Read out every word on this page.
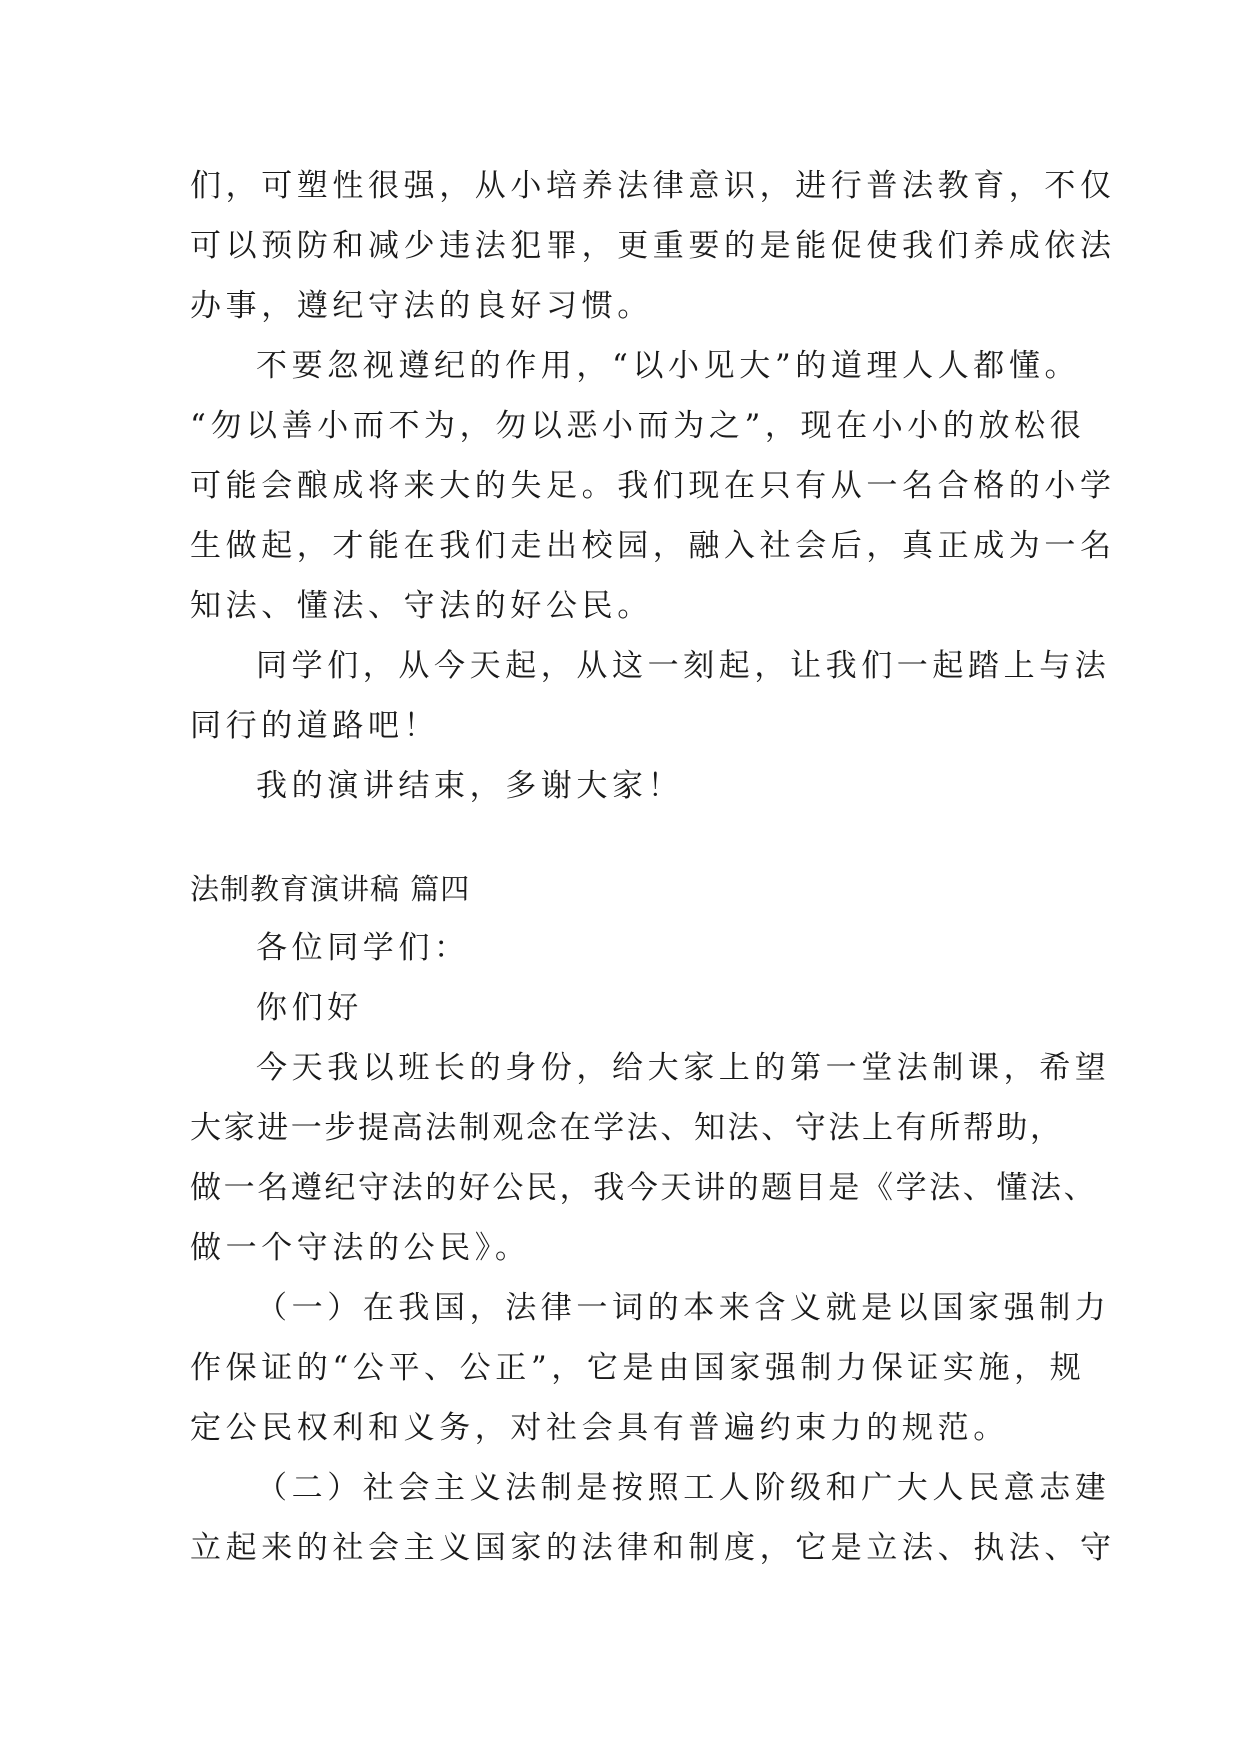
们，可塑性很强，从小培养法律意识，进行普法教育，不仅
可以预防和减少违法犯罪，更重要的是能促使我们养成依法
办事，遵纪守法的良好习惯。
不要忽视遵纪的作用，“以小见大”的道理人人都懂。
“勿以善小而不为，勿以恶小而为之”，现在小小的放松很
可能会酿成将来大的失足。我们现在只有从一名合格的小学
生做起，才能在我们走出校园，融入社会后，真正成为一名
知法、懂法、守法的好公民。
同学们，从今天起，从这一刻起，让我们一起踏上与法
同行的道路吧！
我的演讲结束，多谢大家！
法制教育演讲稿 篇四
各位同学们：
你们好
今天我以班长的身份，给大家上的第一堂法制课，希望
大家进一步提高法制观念在学法、知法、守法上有所帮助，
做一名遵纪守法的好公民，我今天讲的题目是《学法、懂法、
做一个守法的公民》。
（一）在我国，法律一词的本来含义就是以国家强制力
作保证的“公平、公正”，它是由国家强制力保证实施，规
定公民权利和义务，对社会具有普遍约束力的规范。
（二）社会主义法制是按照工人阶级和广大人民意志建
立起来的社会主义国家的法律和制度，它是立法、执法、守
